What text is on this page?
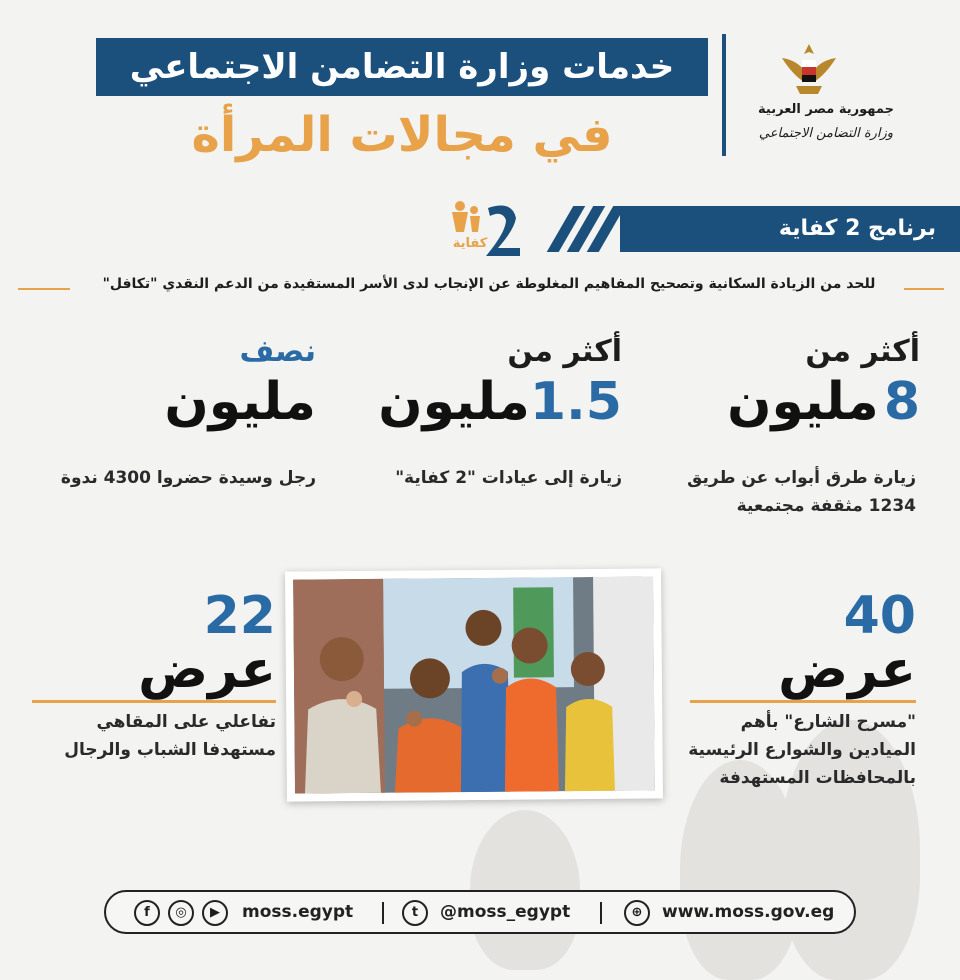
خدمات وزارة التضامن الاجتماعي
في مجالات المرأة	جمهورية مصر العربية
وزارة التضامن الاجتماعي
برنامج 2 كفاية
كفاية
للحد من الزيادة السكانية وتصحيح المفاهيم المغلوطة عن الإنجاب لدى الأسر المستفيدة من الدعم النقدي "تكافل"
أكثر من
8 مليون
زيارة طرق أبواب عن طريق
1234 مثقفة مجتمعية
أكثر من
1.5مليون
زيارة إلى عيادات "2 كفاية"
نصف
مليون
رجل وسيدة حضروا 4300 ندوة
40
عرض
"مسرح الشارع" بأهم
الميادين والشوارع الرئيسية
بالمحافظات المستهدفة
22
عرض
تفاعلي على المقاهي
مستهدفا الشباب والرجال
f	◎	▶	moss.egypt	t	@moss_egypt	⊕	www.moss.gov.eg
